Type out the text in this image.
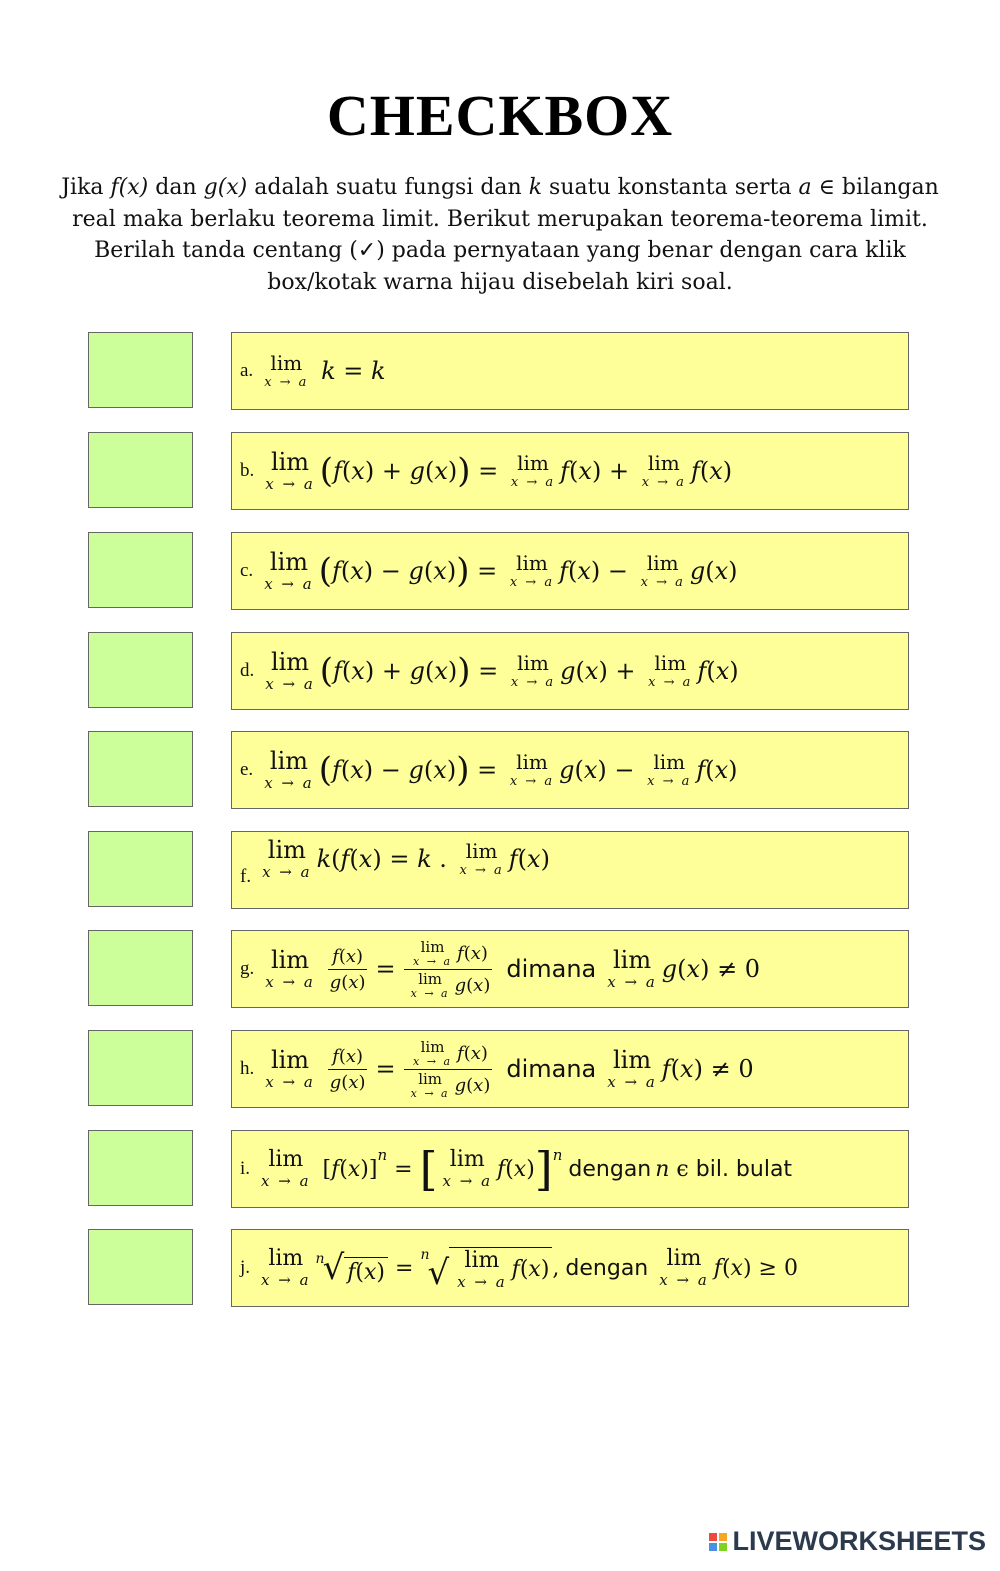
CHECKBOX
Jika f(x) dan g(x) adalah suatu fungsi dan k suatu konstanta serta a ∈ bilangan
real maka berlaku teorema limit. Berikut merupakan teorema-teorema limit.
Berilah tanda centang (✓) pada pernyataan yang benar dengan cara klik
box/kotak warna hijau disebelah kiri soal.
a. lim
x → a k = k
b. lim
x → a ( f ( x ) + g ( x ) ) = lim
x → a f ( x ) + lim
x → a f ( x )
c. lim
x → a ( f ( x ) − g ( x ) ) = lim
x → a f ( x ) − lim
x → a g ( x )
d. lim
x → a ( f ( x ) + g ( x ) ) = lim
x → a g ( x ) + lim
x → a f ( x )
e. lim
x → a ( f ( x ) − g ( x ) ) = lim
x → a g ( x ) − lim
x → a f ( x )
f.
lim
x → a k ( f ( x ) = k . lim
x → a f ( x )
g. lim
x → a $\frac{f ( x )}{g ( x )} = \lim$
x → a f ( x )
lim
x → a g ( x ) dimana lim
x → a g ( x ) ≠ 0
h. lim
x → a $\frac{f ( x )}{g ( x )} = \lim$
x → a f ( x )
lim
x → a g ( x ) dimana lim
x → a f ( x ) ≠ 0
i. lim
x → a [ f ( x )]
n
= [ lim
x → a f ( x ) ] n
dengan n ϵ bil. bulat
j. lim
x → a
n
√ f ( x ) =
n
√ lim
x → a f ( x ) , dengan lim
x → a f ( x ) ≥ 0
LIVEWORKSHEETS
